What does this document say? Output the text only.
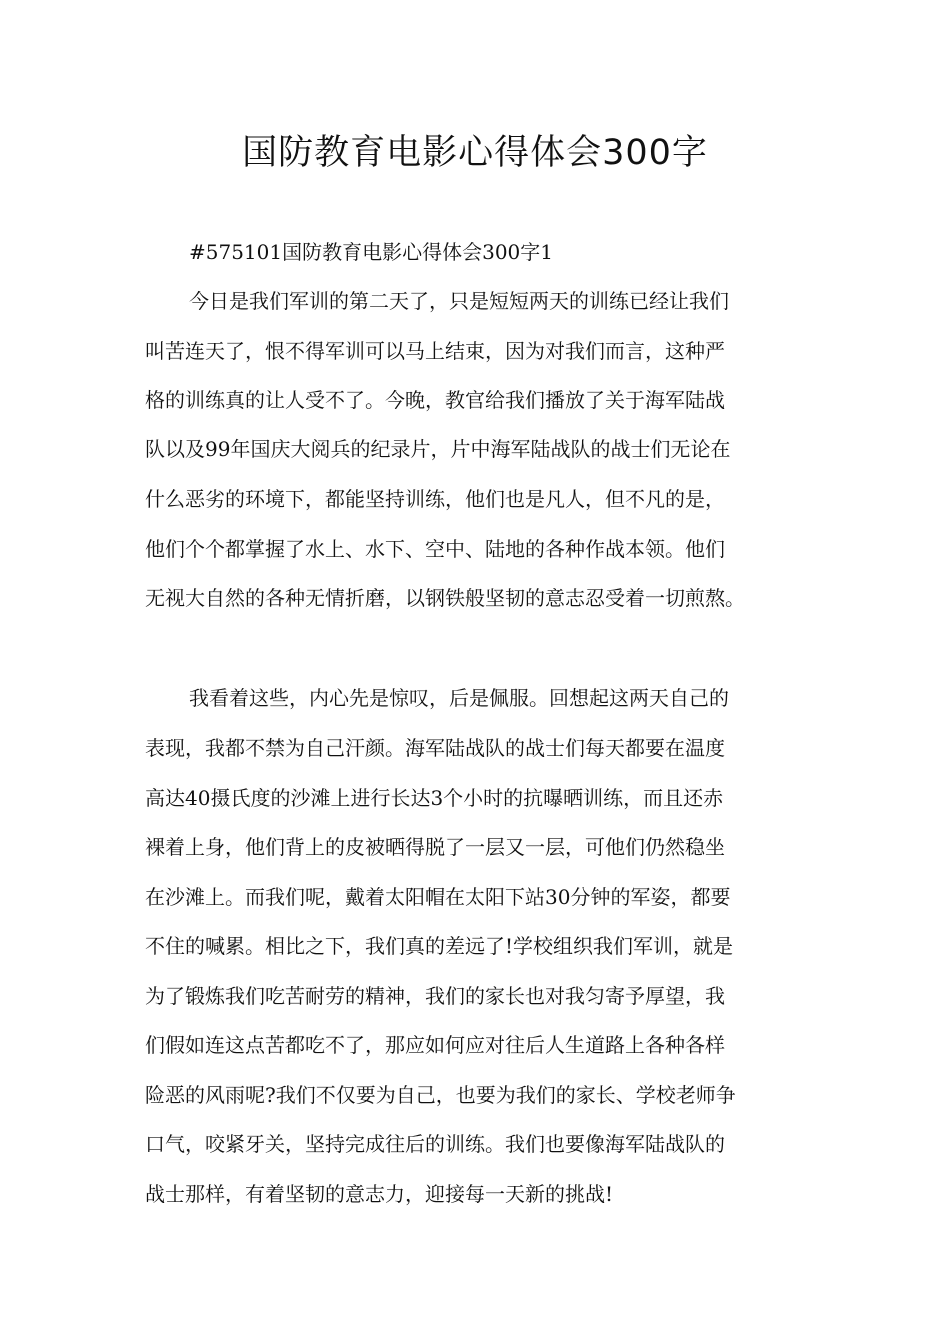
国防教育电影心得体会300字

#575101国防教育电影心得体会300字1

今日是我们军训的第二天了，只是短短两天的训练已经让我们

叫苦连天了，恨不得军训可以马上结束，因为对我们而言，这种严

格的训练真的让人受不了。今晚，教官给我们播放了关于海军陆战

队以及99年国庆大阅兵的纪录片，片中海军陆战队的战士们无论在

什么恶劣的环境下，都能坚持训练，他们也是凡人，但不凡的是，

他们个个都掌握了水上、水下、空中、陆地的各种作战本领。他们

无视大自然的各种无情折磨，以钢铁般坚韧的意志忍受着一切煎熬。

我看着这些，内心先是惊叹，后是佩服。回想起这两天自己的

表现，我都不禁为自己汗颜。海军陆战队的战士们每天都要在温度

高达40摄氏度的沙滩上进行长达3个小时的抗曝晒训练，而且还赤

裸着上身，他们背上的皮被晒得脱了一层又一层，可他们仍然稳坐

在沙滩上。而我们呢，戴着太阳帽在太阳下站30分钟的军姿，都要

不住的喊累。相比之下，我们真的差远了!学校组织我们军训，就是

为了锻炼我们吃苦耐劳的精神，我们的家长也对我匀寄予厚望，我

们假如连这点苦都吃不了，那应如何应对往后人生道路上各种各样

险恶的风雨呢?我们不仅要为自己，也要为我们的家长、学校老师争

口气，咬紧牙关，坚持完成往后的训练。我们也要像海军陆战队的

战士那样，有着坚韧的意志力，迎接每一天新的挑战!
